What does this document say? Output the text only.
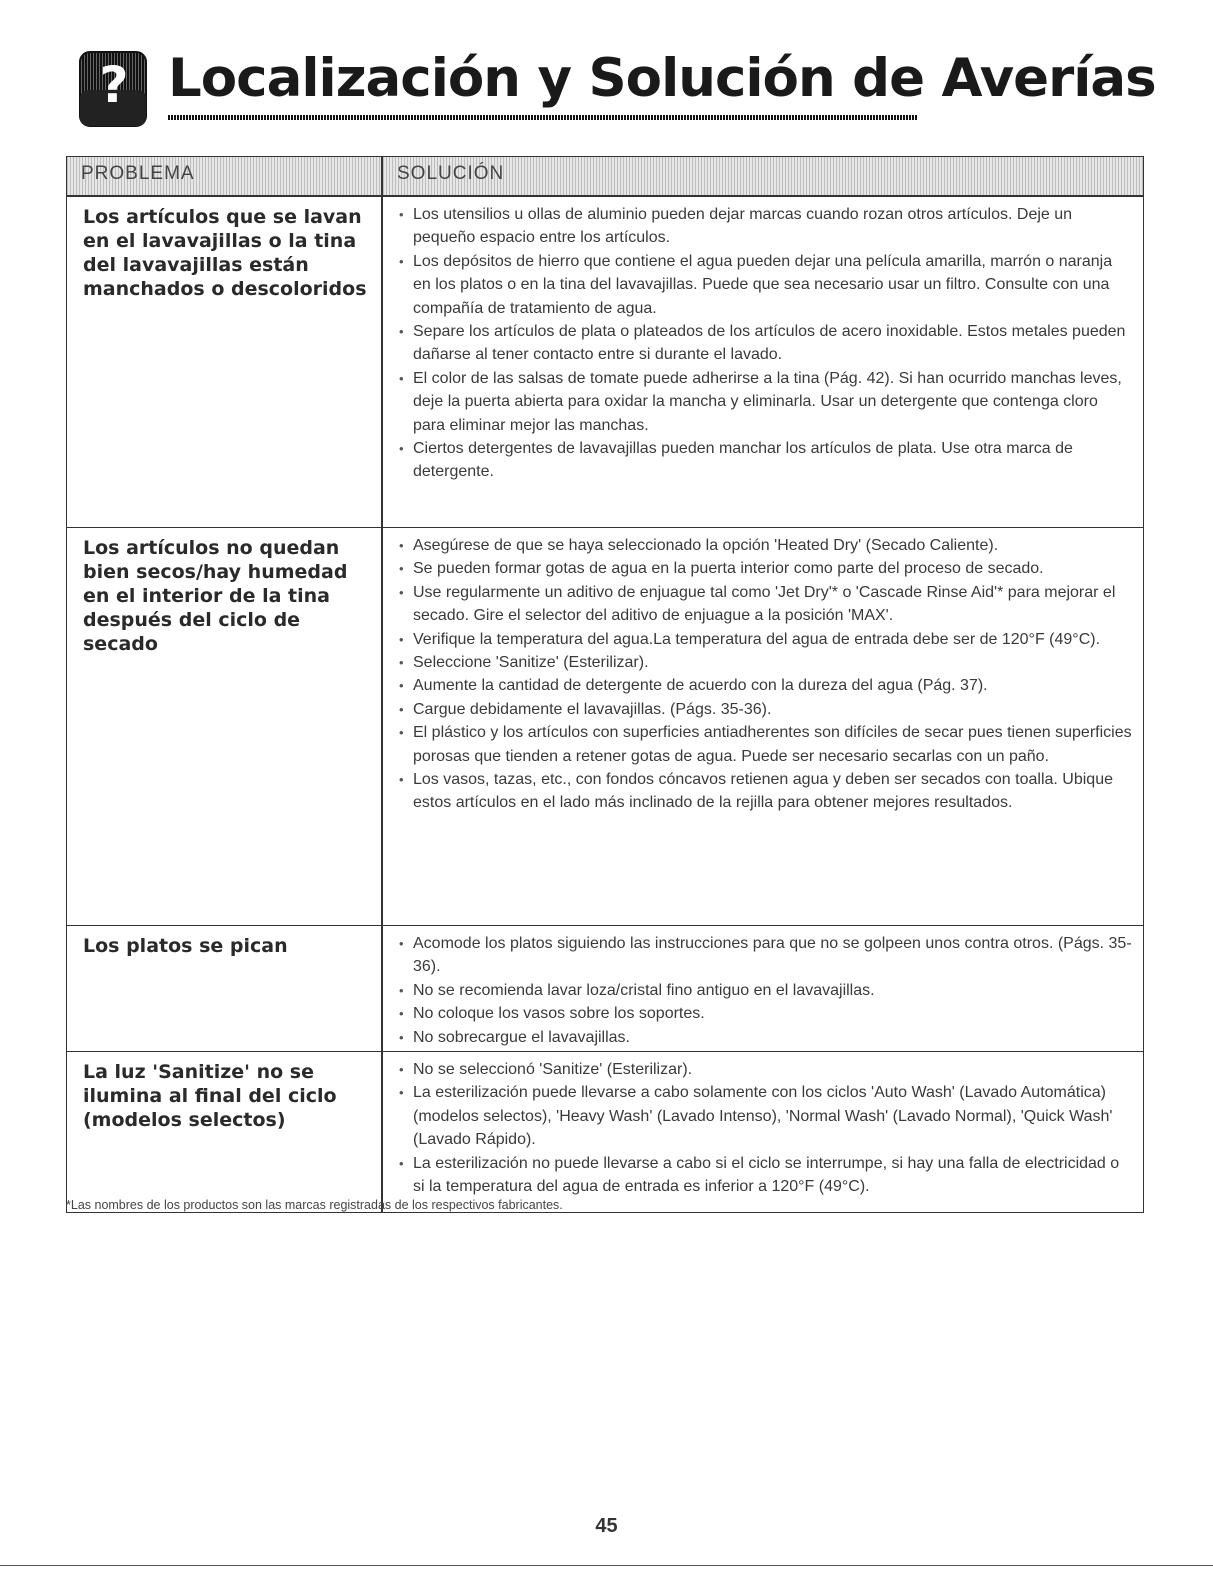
? Localización y Solución de Averías
PROBLEMA	SOLUCIÓN
Los artículos que se lavan en el lavavajillas o la tina del lavavajillas están manchados o descoloridos
• Los utensilios u ollas de aluminio pueden dejar marcas cuando rozan otros artículos. Deje un pequeño espacio entre los artículos.
• Los depósitos de hierro que contiene el agua pueden dejar una película amarilla, marrón o naranja en los platos o en la tina del lavavajillas. Puede que sea necesario usar un filtro. Consulte con una compañía de tratamiento de agua.
• Separe los artículos de plata o plateados de los artículos de acero inoxidable. Estos metales pueden dañarse al tener contacto entre si durante el lavado.
• El color de las salsas de tomate puede adherirse a la tina (Pág. 42). Si han ocurrido manchas leves, deje la puerta abierta para oxidar la mancha y eliminarla. Usar un detergente que contenga cloro para eliminar mejor las manchas.
• Ciertos detergentes de lavavajillas pueden manchar los artículos de plata. Use otra marca de detergente.
Los artículos no quedan bien secos/hay humedad en el interior de la tina después del ciclo de secado
• Asegúrese de que se haya seleccionado la opción 'Heated Dry' (Secado Caliente).
• Se pueden formar gotas de agua en la puerta interior como parte del proceso de secado.
• Use regularmente un aditivo de enjuague tal como 'Jet Dry'* o 'Cascade Rinse Aid'* para mejorar el secado. Gire el selector del aditivo de enjuague a la posición 'MAX'.
• Verifique la temperatura del agua.La temperatura del agua de entrada debe ser de 120°F (49°C).
• Seleccione 'Sanitize' (Esterilizar).
• Aumente la cantidad de detergente de acuerdo con la dureza del agua (Pág. 37).
• Cargue debidamente el lavavajillas. (Págs. 35-36).
• El plástico y los artículos con superficies antiadherentes son difíciles de secar pues tienen superficies porosas que tienden a retener gotas de agua. Puede ser necesario secarlas con un paño.
• Los vasos, tazas, etc., con fondos cóncavos retienen agua y deben ser secados con toalla. Ubique estos artículos en el lado más inclinado de la rejilla para obtener mejores resultados.
Los platos se pican
•	Acomode los platos siguiendo las instrucciones para que no se golpeen unos contra otros. (Págs. 35-36).
• No se recomienda lavar loza/cristal fino antiguo en el lavavajillas.
• No coloque los vasos sobre los soportes.
• No sobrecargue el lavavajillas.
La luz 'Sanitize' no se ilumina al final del ciclo (modelos selectos)
• No se seleccionó 'Sanitize' (Esterilizar).
• La esterilización puede llevarse a cabo solamente con los ciclos 'Auto Wash' (Lavado Automática) (modelos selectos), 'Heavy Wash' (Lavado Intenso), 'Normal Wash' (Lavado Normal), 'Quick Wash' (Lavado Rápido).
• La esterilización no puede llevarse a cabo si el ciclo se interrumpe, si hay una falla de electricidad o si la temperatura del agua de entrada es inferior a 120°F (49°C).
*Las nombres de los productos son las marcas registradas de los respectivos fabricantes.
45
